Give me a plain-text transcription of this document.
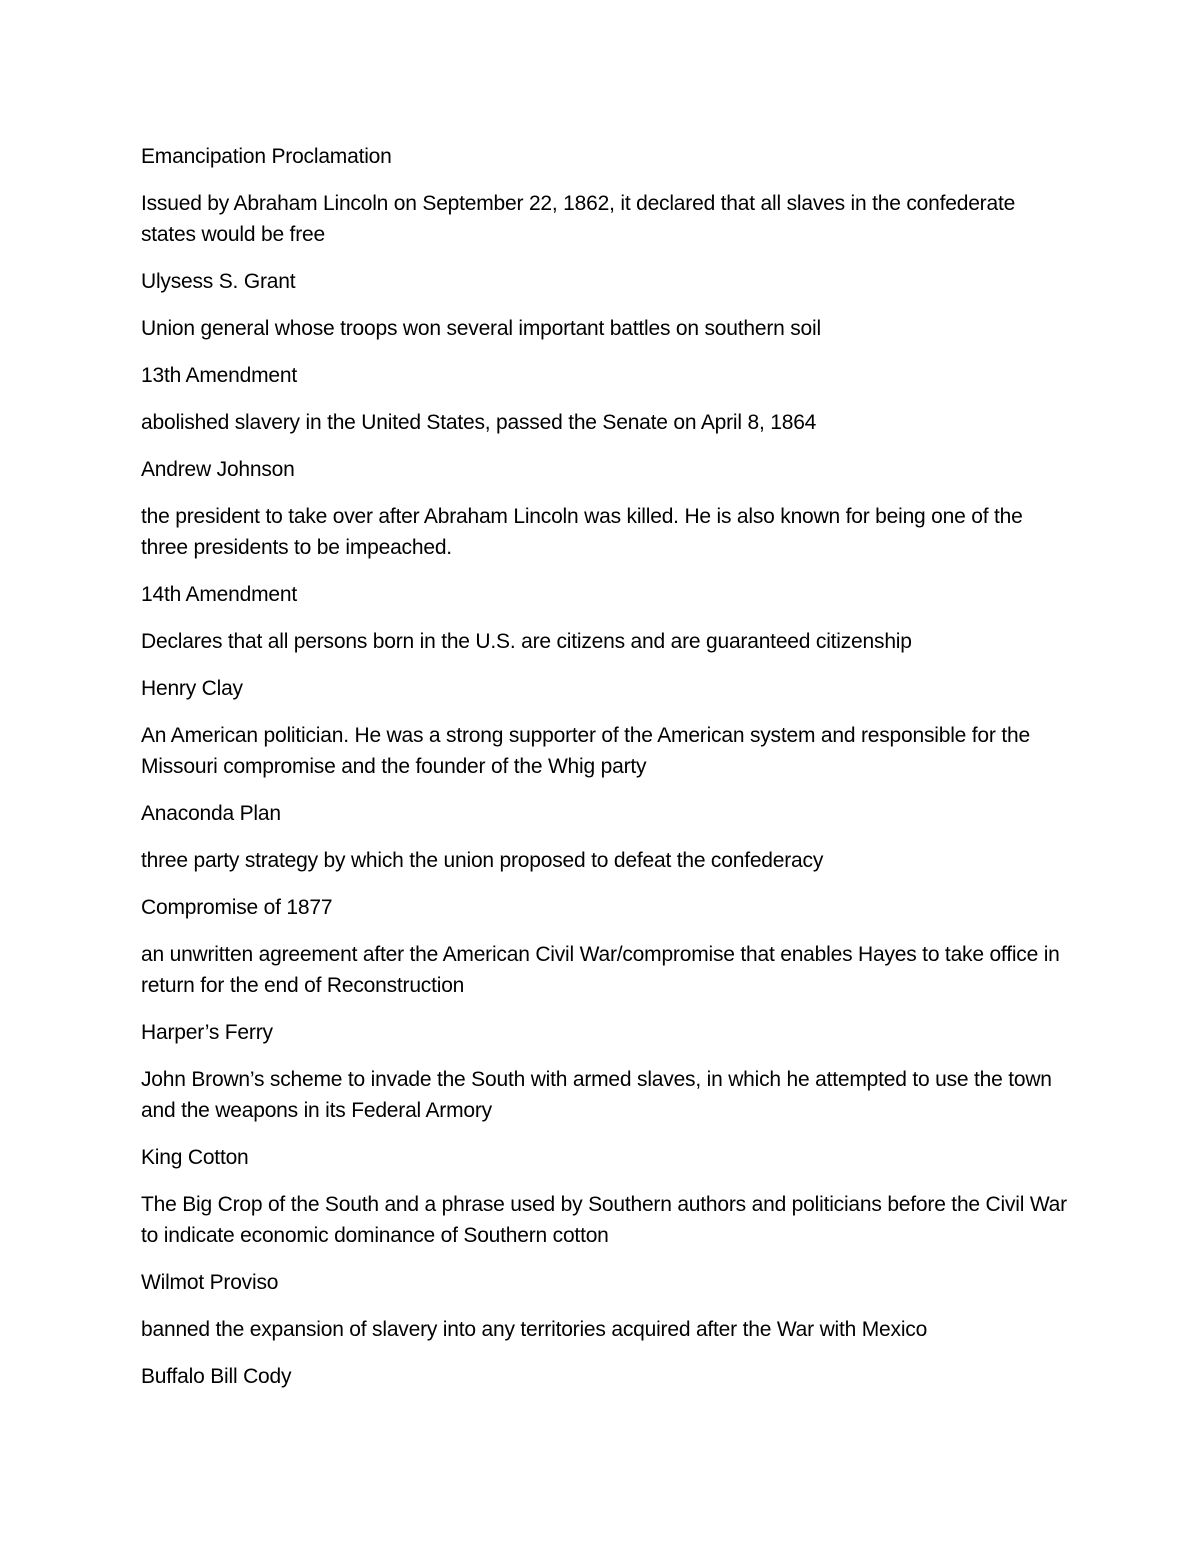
Emancipation Proclamation

Issued by Abraham Lincoln on September 22, 1862, it declared that all slaves in the confederate states would be free

Ulysess S. Grant

Union general whose troops won several important battles on southern soil

13th Amendment

abolished slavery in the United States, passed the Senate on April 8, 1864

Andrew Johnson

the president to take over after Abraham Lincoln was killed. He is also known for being one of the three presidents to be impeached.

14th Amendment

Declares that all persons born in the U.S. are citizens and are guaranteed citizenship

Henry Clay

An American politician. He was a strong supporter of the American system and responsible for the Missouri compromise and the founder of the Whig party

Anaconda Plan

three party strategy by which the union proposed to defeat the confederacy

Compromise of 1877

an unwritten agreement after the American Civil War/compromise that enables Hayes to take office in return for the end of Reconstruction

Harper’s Ferry

John Brown’s scheme to invade the South with armed slaves, in which he attempted to use the town and the weapons in its Federal Armory

King Cotton

The Big Crop of the South and a phrase used by Southern authors and politicians before the Civil War to indicate economic dominance of Southern cotton

Wilmot Proviso

banned the expansion of slavery into any territories acquired after the War with Mexico

Buffalo Bill Cody
